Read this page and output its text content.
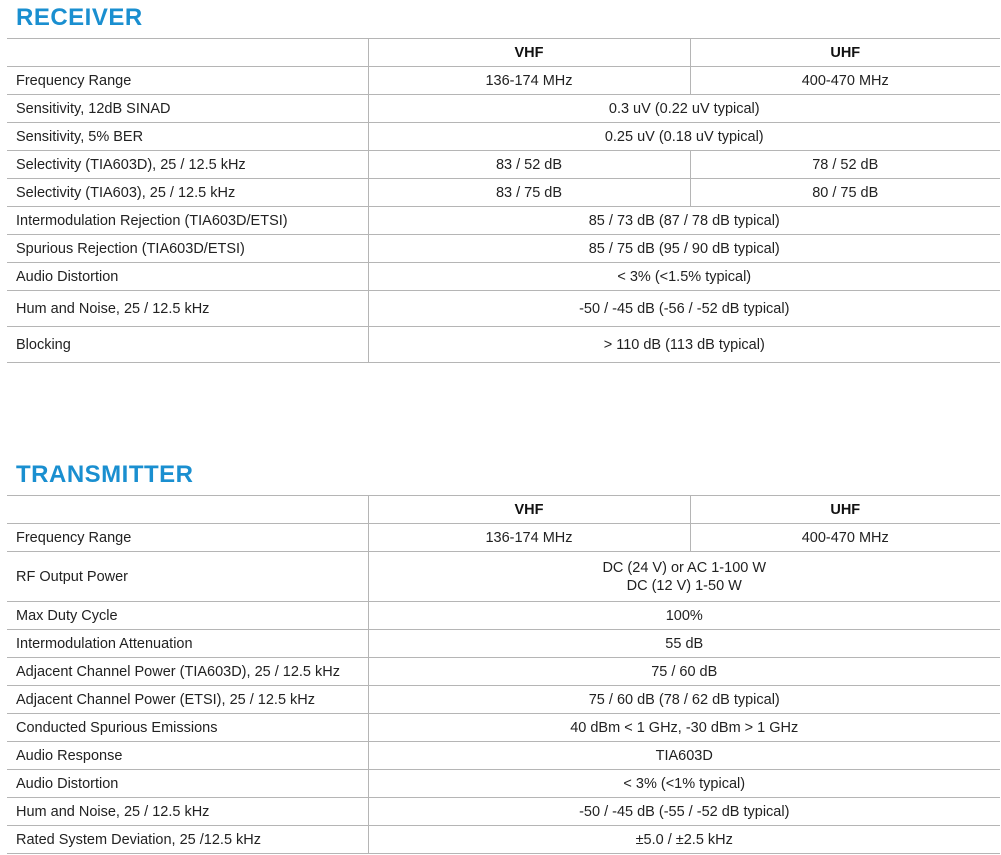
RECEIVER
	VHF	UHF
Frequency Range	136-174 MHz	400-470 MHz
Sensitivity, 12dB SINAD	0.3 uV (0.22 uV typical)	
Sensitivity, 5% BER	0.25 uV (0.18 uV typical)	
Selectivity (TIA603D), 25 / 12.5 kHz	83 / 52 dB	78 / 52 dB
Selectivity (TIA603), 25 / 12.5 kHz	83 / 75 dB	80 / 75 dB
Intermodulation Rejection (TIA603D/ETSI)	85 / 73 dB (87 / 78 dB typical)	
Spurious Rejection (TIA603D/ETSI)	85 / 75 dB (95 / 90 dB typical)	
Audio Distortion	< 3% (<1.5% typical)	
Hum and Noise, 25 / 12.5 kHz	-50 / -45 dB (-56 / -52 dB typical)	
Blocking	> 110 dB (113 dB typical)	
TRANSMITTER
	VHF	UHF
Frequency Range	136-174 MHz	400-470 MHz
RF Output Power	DC (24 V) or AC 1-100 W
DC (12 V) 1-50 W	
Max Duty Cycle	100%	
Intermodulation Attenuation	55 dB	
Adjacent Channel Power (TIA603D), 25 / 12.5 kHz	75 / 60 dB	
Adjacent Channel Power (ETSI), 25 / 12.5 kHz	75 / 60 dB (78 / 62 dB typical)	
Conducted Spurious Emissions	40 dBm < 1 GHz, -30 dBm > 1 GHz	
Audio Response	TIA603D	
Audio Distortion	< 3% (<1% typical)	
Hum and Noise, 25 / 12.5 kHz	-50 / -45 dB (-55 / -52 dB typical)	
Rated System Deviation, 25 /12.5 kHz	±5.0 / ±2.5 kHz	
